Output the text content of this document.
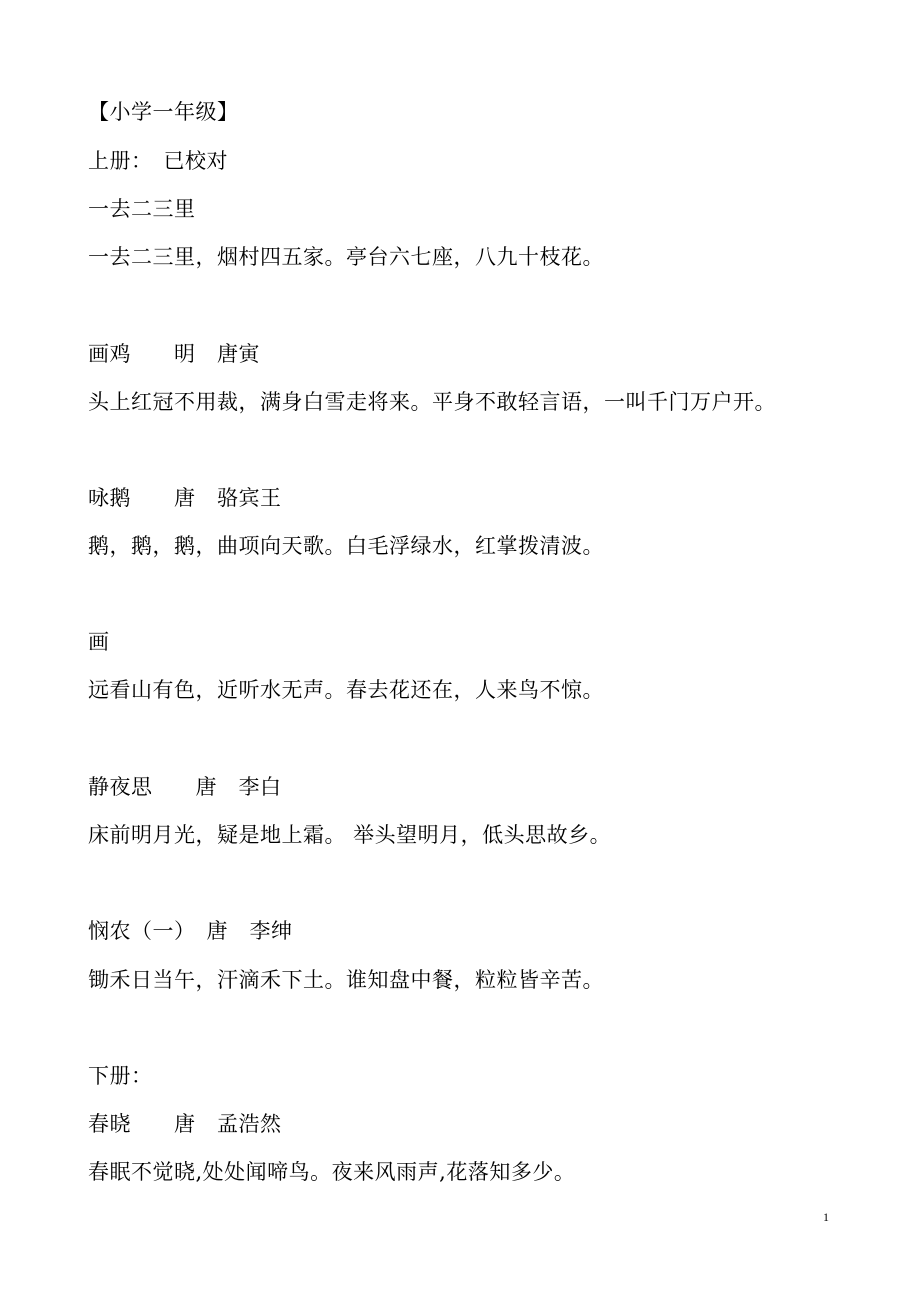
【小学一年级】
上册：　已校对
一去二三里
一去二三里，烟村四五家。亭台六七座，八九十枝花。
画鸡　　明　唐寅
头上红冠不用裁，满身白雪走将来。平身不敢轻言语，一叫千门万户开。
咏鹅　　唐　骆宾王
鹅，鹅，鹅，曲项向天歌。白毛浮绿水，红掌拨清波。
画
远看山有色，近听水无声。春去花还在，人来鸟不惊。
静夜思　　唐　李白
床前明月光，疑是地上霜。 举头望明月，低头思故乡。
悯农（一）　唐　李绅
锄禾日当午，汗滴禾下土。谁知盘中餐，粒粒皆辛苦。
下册：
春晓　　唐　孟浩然
春眠不觉晓,处处闻啼鸟。夜来风雨声,花落知多少。
1
